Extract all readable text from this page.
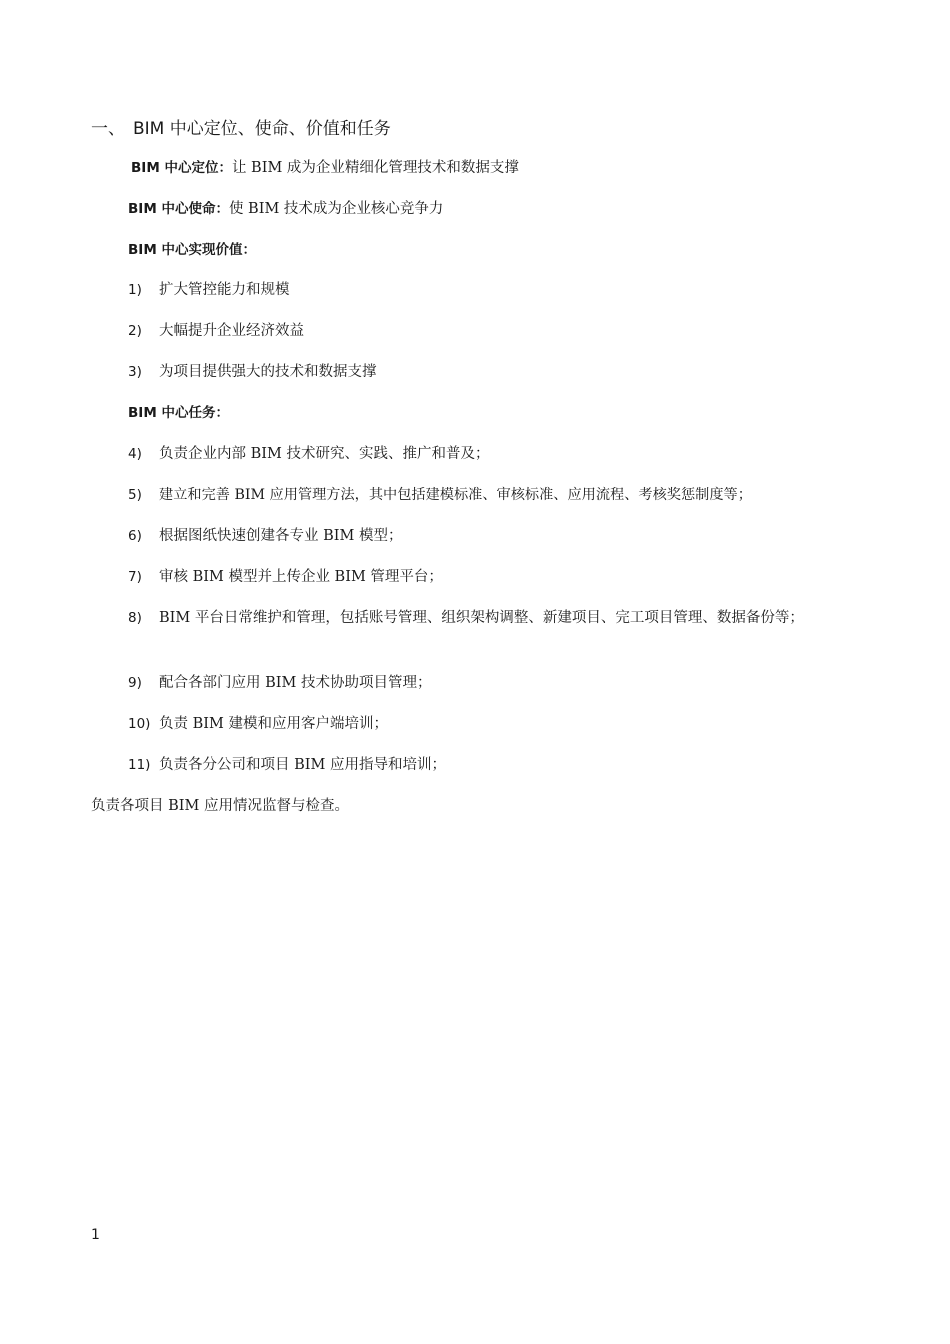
一、 BIM 中心定位、使命、价值和任务
BIM 中心定位：让 BIM 成为企业精细化管理技术和数据支撑
BIM 中心使命：使 BIM 技术成为企业核心竞争力
BIM 中心实现价值：
1) 扩大管控能力和规模
2) 大幅提升企业经济效益
3) 为项目提供强大的技术和数据支撑
BIM 中心任务：
4) 负责企业内部 BIM 技术研究、实践、推广和普及；
5) 建立和完善 BIM 应用管理方法，其中包括建模标准、审核标准、应用流程、考核奖惩制度等；
6) 根据图纸快速创建各专业 BIM 模型；
7) 审核 BIM 模型并上传企业 BIM 管理平台；
8) BIM 平台日常维护和管理，包括账号管理、组织架构调整、新建项目、完工项目管理、数据备份等；
9) 配合各部门应用 BIM 技术协助项目管理；
10) 负责 BIM 建模和应用客户端培训；
11) 负责各分公司和项目 BIM 应用指导和培训；
负责各项目 BIM 应用情况监督与检查。
1
